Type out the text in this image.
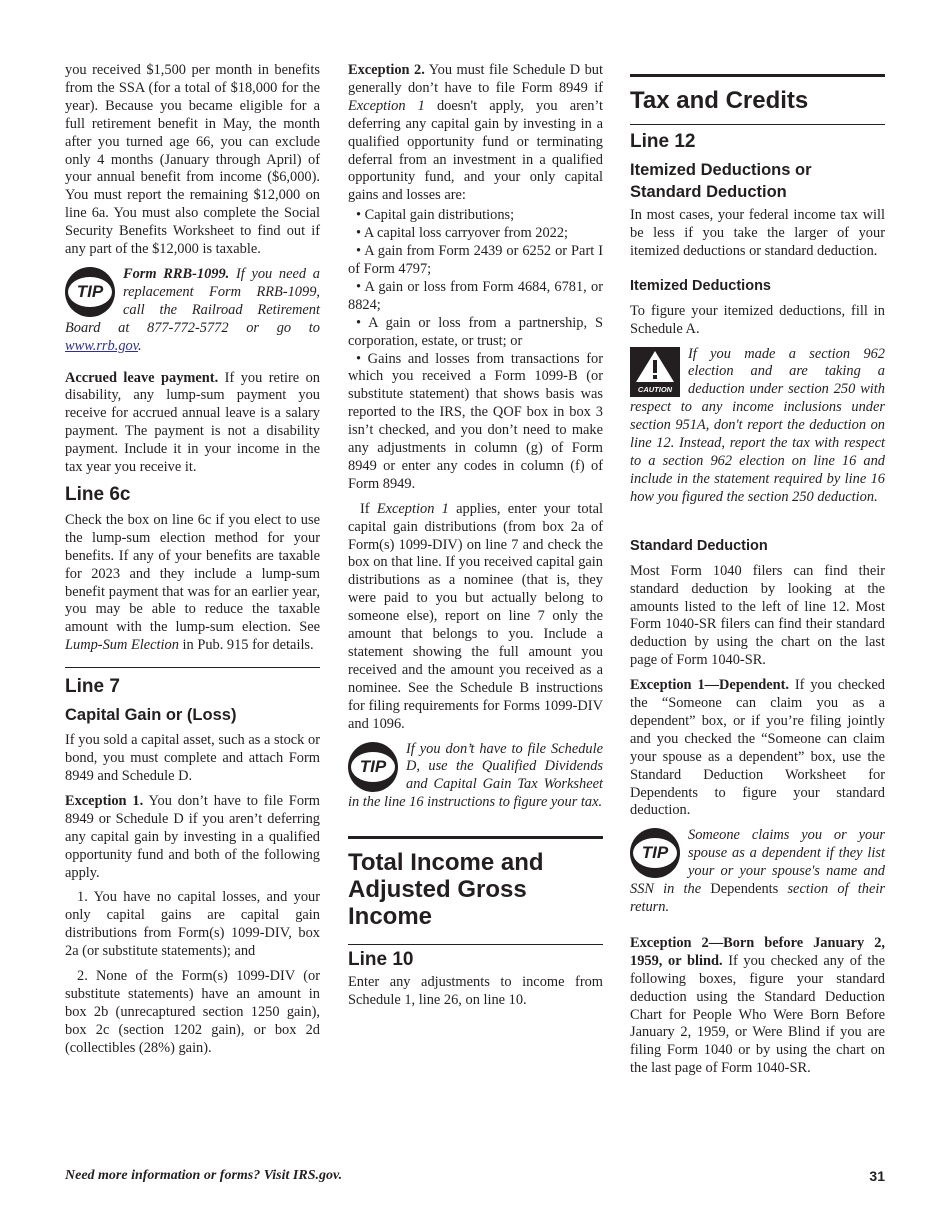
you received $1,500 per month in benefits from the SSA (for a total of $18,000 for the year). Because you became eligible for a full retirement benefit in May, the month after you turned age 66, you can exclude only 4 months (January through April) of your annual benefit from income ($6,000). You must report the remaining $12,000 on line 6a. You must also complete the Social Security Benefits Worksheet to find out if any part of the $12,000 is taxable.

TIP
Form RRB-1099. If you need a replacement Form RRB-1099, call the Railroad Retirement Board at 877-772-5772 or go to www.rrb.gov.

Accrued leave payment. If you retire on disability, any lump-sum payment you receive for accrued annual leave is a salary payment. The payment is not a disability payment. Include it in your income in the tax year you receive it.

Line 6c

Check the box on line 6c if you elect to use the lump-sum election method for your benefits. If any of your benefits are taxable for 2023 and they include a lump-sum benefit payment that was for an earlier year, you may be able to reduce the taxable amount with the lump-sum election. See Lump-Sum Election in Pub. 915 for details.

Line 7
Capital Gain or (Loss)

If you sold a capital asset, such as a stock or bond, you must complete and attach Form 8949 and Schedule D.

Exception 1. You don’t have to file Form 8949 or Schedule D if you aren’t deferring any capital gain by investing in a qualified opportunity fund and both of the following apply.

1. You have no capital losses, and your only capital gains are capital gain distributions from Form(s) 1099-DIV, box 2a (or substitute statements); and

2. None of the Form(s) 1099-DIV (or substitute statements) have an amount in box 2b (unrecaptured section 1250 gain), box 2c (section 1202 gain), or box 2d (collectibles (28%) gain).

Exception 2. You must file Schedule D but generally don’t have to file Form 8949 if Exception 1 doesn't apply, you aren’t deferring any capital gain by investing in a qualified opportunity fund or terminating deferral from an investment in a qualified opportunity fund, and your only capital gains and losses are:

• Capital gain distributions;

• A capital loss carryover from 2022;

• A gain from Form 2439 or 6252 or Part I of Form 4797;

• A gain or loss from Form 4684, 6781, or 8824;

• A gain or loss from a partnership, S corporation, estate, or trust; or

• Gains and losses from transactions for which you received a Form 1099-B (or substitute statement) that shows basis was reported to the IRS, the QOF box in box 3 isn’t checked, and you don’t need to make any adjustments in column (g) of Form 8949 or enter any codes in column (f) of Form 8949.

If Exception 1 applies, enter your total capital gain distributions (from box 2a of Form(s) 1099-DIV) on line 7 and check the box on that line. If you received capital gain distributions as a nominee (that is, they were paid to you but actually belong to someone else), report on line 7 only the amount that belongs to you. Include a statement showing the full amount you received and the amount you received as a nominee. See the Schedule B instructions for filing requirements for Forms 1099-DIV and 1096.

TIP
If you don’t have to file Schedule D, use the Qualified Dividends and Capital Gain Tax Worksheet in the line 16 instructions to figure your tax.
Total Income and Adjusted Gross Income
Line 10

Enter any adjustments to income from Schedule 1, line 26, on line 10.

Tax and Credits
Line 12
Itemized Deductions or Standard Deduction

In most cases, your federal income tax will be less if you take the larger of your itemized deductions or standard deduction.

Itemized Deductions

To figure your itemized deductions, fill in Schedule A.

CAUTION
If you made a section 962 election and are taking a deduction under section 250 with respect to any income inclusions under section 951A, don't report the deduction on line 12. Instead, report the tax with respect to a section 962 election on line 16 and include in the statement required by line 16 how you figured the section 250 deduction.
Standard Deduction

Most Form 1040 filers can find their standard deduction by looking at the amounts listed to the left of line 12. Most Form 1040-SR filers can find their standard deduction by using the chart on the last page of Form 1040-SR.

Exception 1—Dependent. If you checked the “Someone can claim you as a dependent” box, or if you’re filing jointly and you checked the “Someone can claim your spouse as a dependent” box, use the Standard Deduction Worksheet for Dependents to figure your standard deduction.

TIP
Someone claims you or your spouse as a dependent if they list your or your spouse's name and SSN in the Dependents section of their return.

Exception 2—Born before January 2, 1959, or blind. If you checked any of the following boxes, figure your standard deduction using the Standard Deduction Chart for People Who Were Born Before January 2, 1959, or Were Blind if you are filing Form 1040 or by using the chart on the last page of Form 1040-SR.

Need more information or forms? Visit IRS.gov.	31
